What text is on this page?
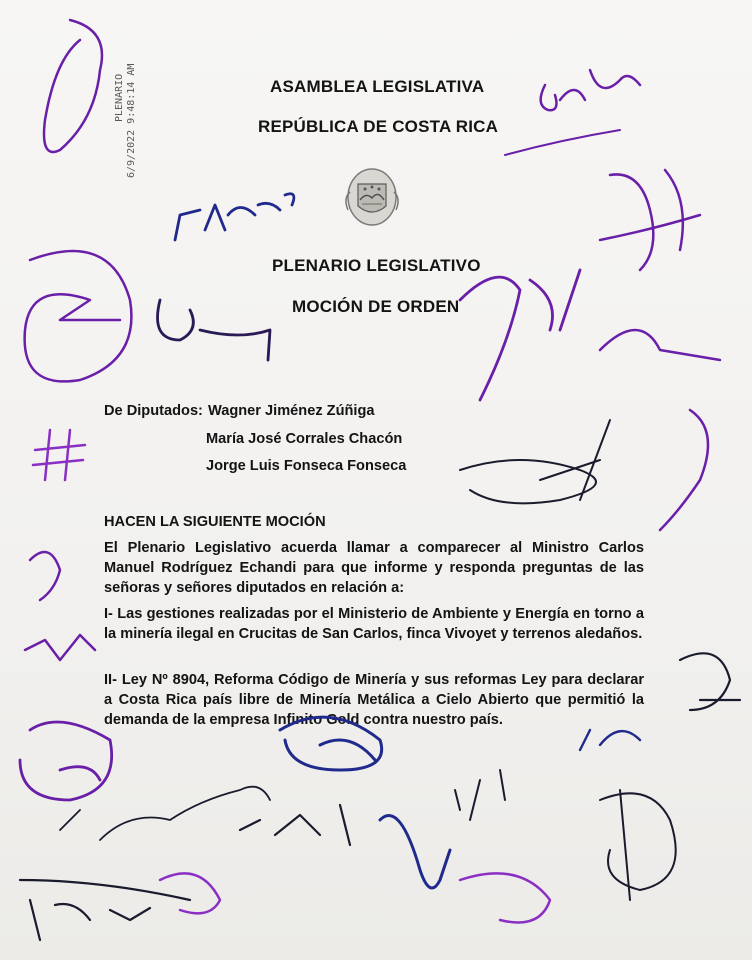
PLENARIO 6/9/2022 9:48:14 AM	ASAMBLEA LEGISLATIVA
REPÚBLICA DE COSTA RICA
PLENARIO LEGISLATIVO
MOCIÓN DE ORDEN
De Diputados: Wagner Jiménez Zúñiga
María José Corrales Chacón
Jorge Luis Fonseca Fonseca
HACEN LA SIGUIENTE MOCIÓN
El Plenario Legislativo acuerda llamar a comparecer al Ministro Carlos Manuel Rodríguez Echandi para que informe y responda preguntas de las señoras y señores diputados en relación a:
I- Las gestiones realizadas por el Ministerio de Ambiente y Energía en torno a la minería ilegal en Crucitas de San Carlos, finca Vivoyet y terrenos aledaños.
II- Ley Nº 8904, Reforma Código de Minería y sus reformas Ley para declarar a Costa Rica país libre de Minería Metálica a Cielo Abierto que permitió la demanda de la empresa Infinito Gold contra nuestro país.
